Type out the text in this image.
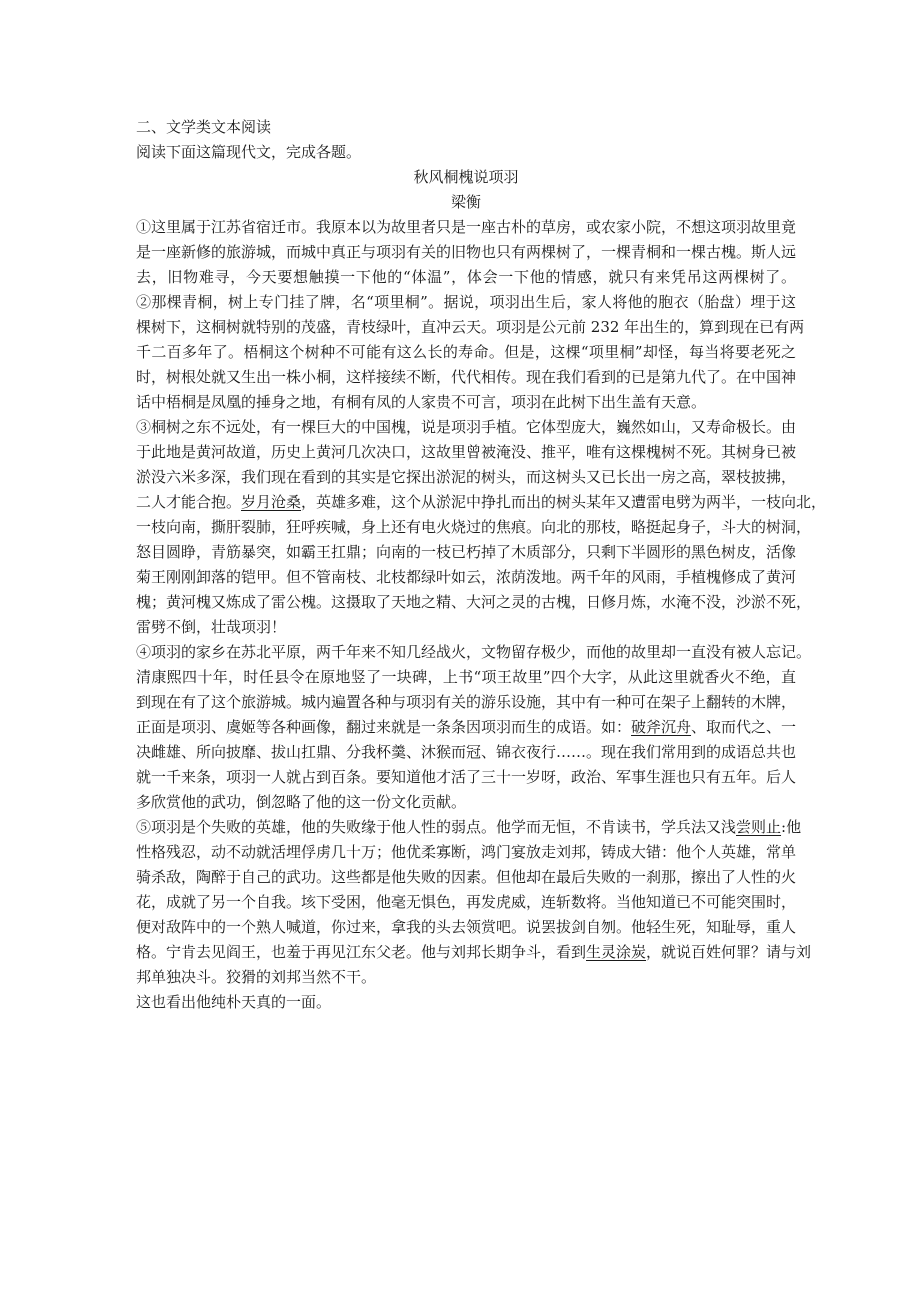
二、文学类文本阅读
阅读下面这篇现代文，完成各题。
秋风桐槐说项羽
梁衡
①这里属于江苏省宿迁市。我原本以为故里者只是一座古朴的草房，或农家小院，不想这项羽故里竟
是一座新修的旅游城，而城中真正与项羽有关的旧物也只有两棵树了，一棵青桐和一棵古槐。斯人远
去，旧物难寻，今天要想触摸一下他的“体温”，体会一下他的情感，就只有来凭吊这两棵树了。
②那棵青桐，树上专门挂了牌，名“项里桐”。据说，项羽出生后，家人将他的胞衣（胎盘）埋于这
棵树下，这桐树就特别的茂盛，青枝绿叶，直冲云天。项羽是公元前 232 年出生的，算到现在已有两
千二百多年了。梧桐这个树种不可能有这么长的寿命。但是，这棵“项里桐”却怪，每当将要老死之
时，树根处就又生出一株小桐，这样接续不断，代代相传。现在我们看到的已是第九代了。在中国神
话中梧桐是凤凰的捶身之地，有桐有凤的人家贵不可言，项羽在此树下出生盖有天意。
③桐树之东不远处，有一棵巨大的中国槐，说是项羽手植。它体型庞大，巍然如山，又寿命极长。由
于此地是黄河故道，历史上黄河几次决口，这故里曾被淹没、推平，唯有这棵槐树不死。其树身已被
淤没六米多深，我们现在看到的其实是它探出淤泥的树头，而这树头又已长出一房之高，翠枝披拂，
二人才能合抱。岁月沧桑，英雄多难，这个从淤泥中挣扎而出的树头某年又遭雷电劈为两半，一枝向北，
一枝向南，撕肝裂肺，狂呼疾喊，身上还有电火烧过的焦痕。向北的那枝，略挺起身子，斗大的树洞，
怒目圆睁，青筋暴突，如霸王扛鼎；向南的一枝已朽掉了木质部分，只剩下半圆形的黑色树皮，活像
菊王刚刚卸落的铠甲。但不管南枝、北枝都绿叶如云，浓荫泼地。两千年的风雨，手植槐修成了黄河
槐；黄河槐又炼成了雷公槐。这摄取了天地之精、大河之灵的古槐，日修月炼，水淹不没，沙淤不死，
雷劈不倒，壮哉项羽！
④项羽的家乡在苏北平原，两千年来不知几经战火，文物留存极少，而他的故里却一直没有被人忘记。
清康熙四十年，时任县令在原地竖了一块碑，上书“项王故里”四个大字，从此这里就香火不绝，直
到现在有了这个旅游城。城内遍置各种与项羽有关的游乐设施，其中有一种可在架子上翻转的木牌，
正面是项羽、虞姬等各种画像，翻过来就是一条条因项羽而生的成语。如：破斧沉舟、取而代之、一
决雌雄、所向披靡、拔山扛鼎、分我杯羹、沐猴而冠、锦衣夜行……。现在我们常用到的成语总共也
就一千来条，项羽一人就占到百条。要知道他才活了三十一岁呀，政治、军事生涯也只有五年。后人
多欣赏他的武功，倒忽略了他的这一份文化贡献。
⑤项羽是个失败的英雄，他的失败缘于他人性的弱点。他学而无恒，不肯读书，学兵法又浅尝则止:他
性格残忍，动不动就活埋俘虏几十万；他优柔寡断，鸿门宴放走刘邦，铸成大错：他个人英雄，常单
骑杀敌，陶醉于自己的武功。这些都是他失败的因素。但他却在最后失败的一刹那，擦出了人性的火
花，成就了另一个自我。垓下受困，他毫无惧色，再发虎威，连斩数将。当他知道已不可能突围时，
便对敌阵中的一个熟人喊道，你过来，拿我的头去领赏吧。说罢拔剑自刎。他轻生死，知耻辱，重人
格。宁肯去见阎王，也羞于再见江东父老。他与刘邦长期争斗，看到生灵涂炭，就说百姓何罪？请与刘
邦单独决斗。狡猾的刘邦当然不干。
这也看出他纯朴天真的一面。
